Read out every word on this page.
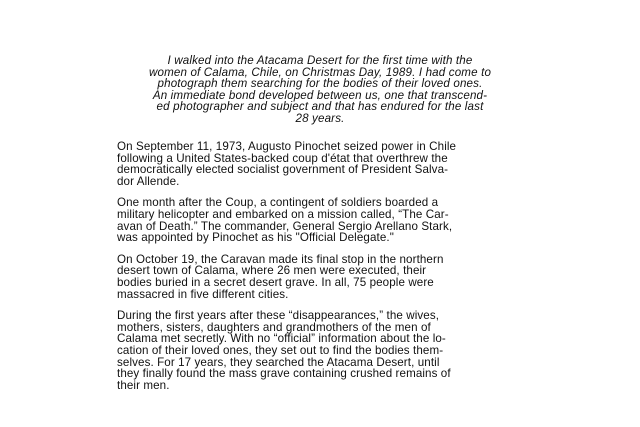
I walked into the Atacama Desert for the first time with the
women of Calama, Chile, on Christmas Day, 1989. I had come to
photograph them searching for the bodies of their loved ones.
An immediate bond developed between us, one that transcend-
ed photographer and subject and that has endured for the last
28 years.
On September 11, 1973, Augusto Pinochet seized power in Chile
following a United States-backed coup d'état that overthrew the
democratically elected socialist government of President Salva-
dor Allende.
One month after the Coup, a contingent of soldiers boarded a
military helicopter and embarked on a mission called, “The Car-
avan of Death.” The commander, General Sergio Arellano Stark,
was appointed by Pinochet as his "Official Delegate."
On October 19, the Caravan made its final stop in the northern
desert town of Calama, where 26 men were executed, their
bodies buried in a secret desert grave. In all, 75 people were
massacred in five different cities.
During the first years after these “disappearances,” the wives,
mothers, sisters, daughters and grandmothers of the men of
Calama met secretly. With no “official” information about the lo-
cation of their loved ones, they set out to find the bodies them-
selves. For 17 years, they searched the Atacama Desert, until
they finally found the mass grave containing crushed remains of
their men.
